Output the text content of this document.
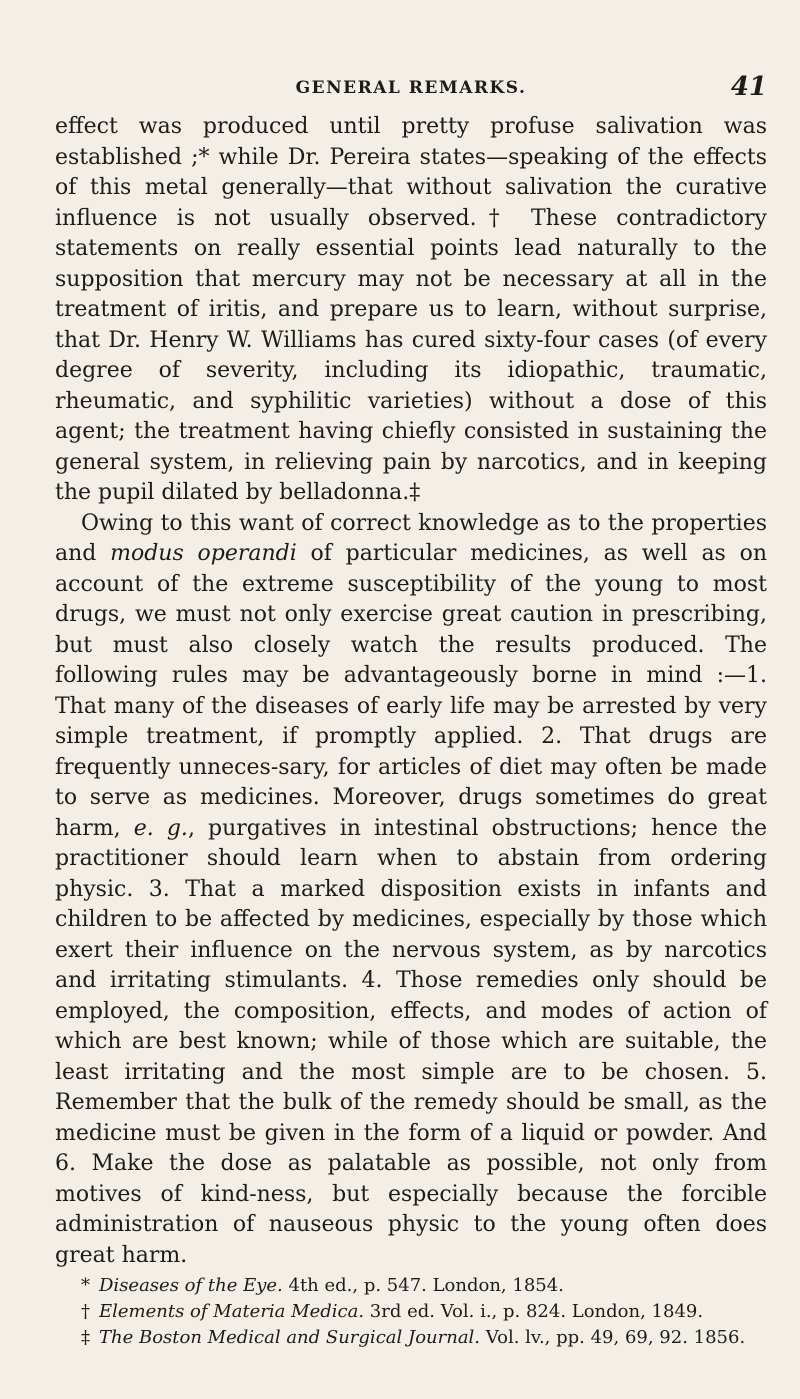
GENERAL REMARKS.	41

effect was produced until pretty profuse salivation was established ;* while Dr. Pereira states—speaking of the effects of this metal generally—that without salivation the curative influence is not usually observed.† These contradictory statements on really essential points lead naturally to the supposition that mercury may not be necessary at all in the treatment of iritis, and prepare us to learn, without surprise, that Dr. Henry W. Williams has cured sixty-four cases (of every degree of severity, including its idiopathic, traumatic, rheumatic, and syphilitic varieties) without a dose of this agent; the treatment having chiefly consisted in sustaining the general system, in relieving pain by narcotics, and in keeping the pupil dilated by belladonna.‡

Owing to this want of correct knowledge as to the properties and modus operandi of particular medicines, as well as on account of the extreme susceptibility of the young to most drugs, we must not only exercise great caution in prescribing, but must also closely watch the results produced. The following rules may be advantageously borne in mind :—1. That many of the diseases of early life may be arrested by very simple treatment, if promptly applied. 2. That drugs are frequently unneces-sary, for articles of diet may often be made to serve as medicines. Moreover, drugs sometimes do great harm, e. g., purgatives in intestinal obstructions; hence the practitioner should learn when to abstain from ordering physic. 3. That a marked disposition exists in infants and children to be affected by medicines, especially by those which exert their influence on the nervous system, as by narcotics and irritating stimulants. 4. Those remedies only should be employed, the composition, effects, and modes of action of which are best known; while of those which are suitable, the least irritating and the most simple are to be chosen. 5. Remember that the bulk of the remedy should be small, as the medicine must be given in the form of a liquid or powder. And 6. Make the dose as palatable as possible, not only from motives of kind-ness, but especially because the forcible administration of nauseous physic to the young often does great harm.

* Diseases of the Eye. 4th ed., p. 547. London, 1854.

† Elements of Materia Medica. 3rd ed. Vol. i., p. 824. London, 1849.

‡ The Boston Medical and Surgical Journal. Vol. lv., pp. 49, 69, 92. 1856.
